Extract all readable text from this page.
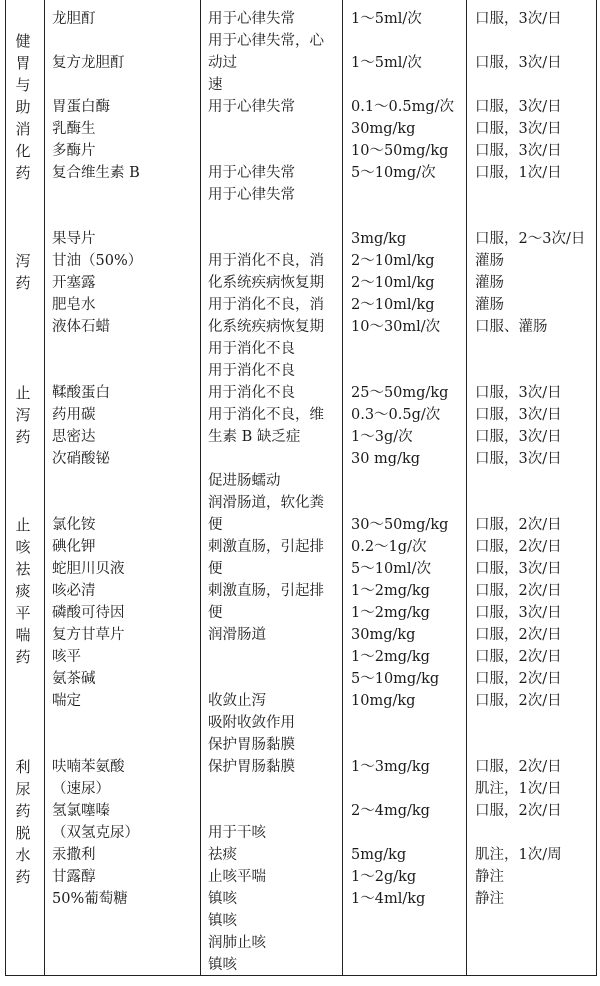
健
胃
与
助
消
化
药
泻
药
止
泻
药
止
咳
祛
痰
平
喘
药
利
尿
药
脱
水
药
龙胆酊
复方龙胆酊
胃蛋白酶
乳酶生
多酶片
复合维生素 B
果导片
甘油（50%）
开塞露
肥皂水
液体石蜡
鞣酸蛋白
药用碳
思密达
次硝酸铋
氯化铵
碘化钾
蛇胆川贝液
咳必清
磷酸可待因
复方甘草片
咳平
氨茶碱
喘定
呋喃苯氨酸
（速尿）
氢氯噻嗪
（双氢克尿）
汞撒利
甘露醇
50%葡萄糖
用于心律失常
用于心律失常，心
动过
速
用于心律失常
用于心律失常
用于心律失常
用于消化不良，消
化系统疾病恢复期
用于消化不良，消
化系统疾病恢复期
用于消化不良
用于消化不良
用于消化不良
用于消化不良，维
生素 B 缺乏症
促进肠蠕动
润滑肠道，软化粪
便
刺激直肠，引起排
便
刺激直肠，引起排
便
润滑肠道
收敛止泻
吸附收敛作用
保护胃肠黏膜
保护胃肠黏膜
用于干咳
祛痰
止咳平喘
镇咳
镇咳
润肺止咳
镇咳
1～5ml/次
1～5ml/次
0.1～0.5mg/次
30mg/kg
10～50mg/kg
5～10mg/次
3mg/kg
2～10ml/kg
2～10ml/kg
2～10ml/kg
10～30ml/次
25～50mg/kg
0.3～0.5g/次
1～3g/次
30 mg/kg
30～50mg/kg
0.2～1g/次
5～10ml/次
1～2mg/kg
1～2mg/kg
30mg/kg
1～2mg/kg
5～10mg/kg
10mg/kg
1～3mg/kg
2～4mg/kg
5mg/kg
1～2g/kg
1～4ml/kg
口服，3次/日
口服，3次/日
口服，3次/日
口服，3次/日
口服，3次/日
口服，1次/日
口服，2～3次/日
灌肠
灌肠
灌肠
口服、灌肠
口服，3次/日
口服，3次/日
口服，3次/日
口服，3次/日
口服，2次/日
口服，2次/日
口服，3次/日
口服，2次/日
口服，3次/日
口服，2次/日
口服，2次/日
口服，2次/日
口服，2次/日
口服，2次/日
肌注，1次/日
口服，2次/日
肌注，1次/周
静注
静注
